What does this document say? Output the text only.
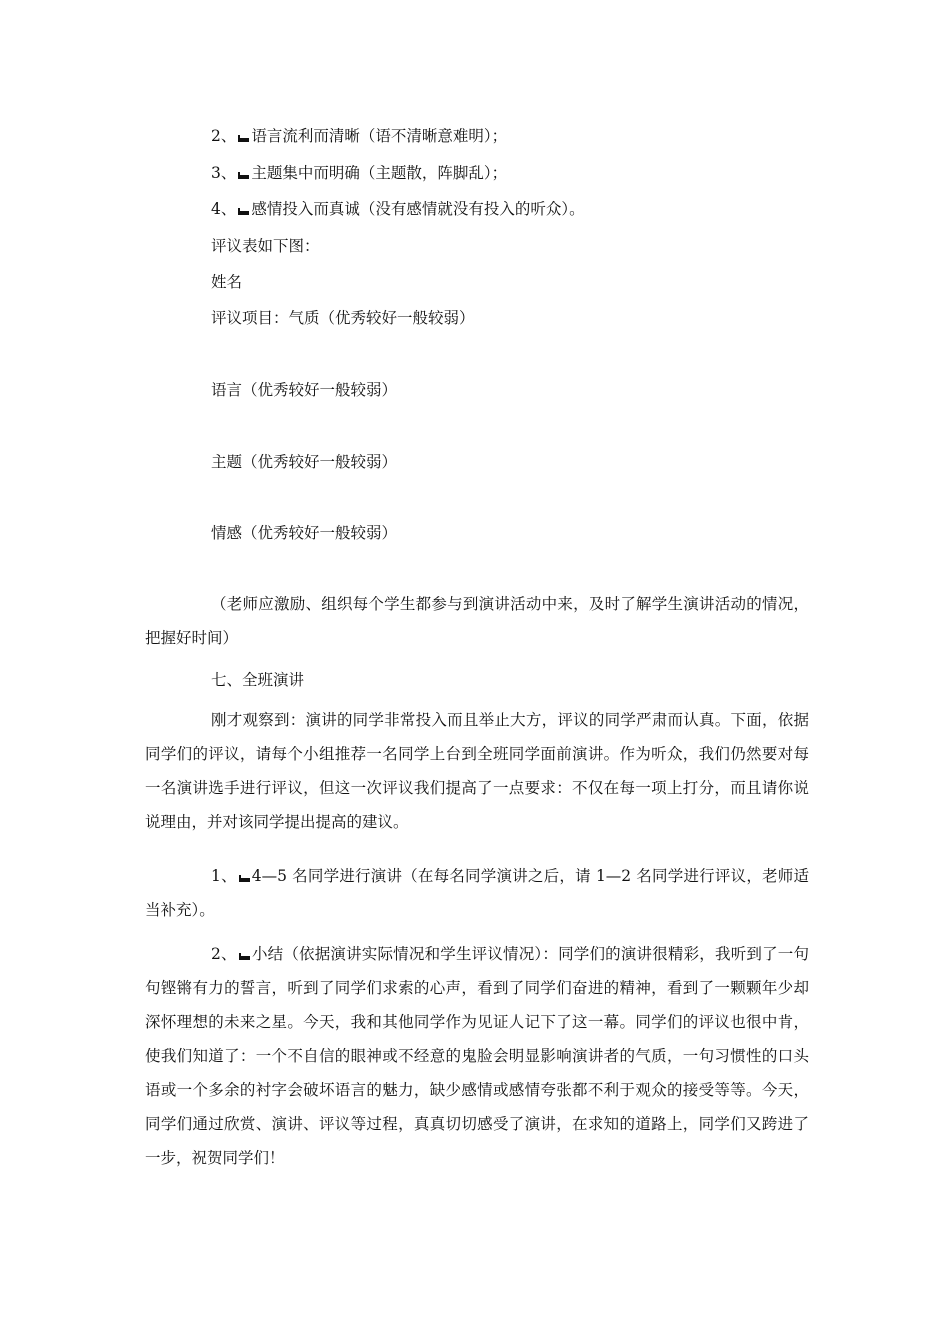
2、 语言流利而清晰（语不清晰意难明）；
3、 主题集中而明确（主题散，阵脚乱）；
4、 感情投入而真诚（没有感情就没有投入的听众）。
评议表如下图：
姓名
评议项目：气质（优秀较好一般较弱）
语言（优秀较好一般较弱）
主题（优秀较好一般较弱）
情感（优秀较好一般较弱）
（老师应激励、组织每个学生都参与到演讲活动中来，及时了解学生演讲活动的情况，把握好时间）
七、全班演讲
刚才观察到：演讲的同学非常投入而且举止大方，评议的同学严肃而认真。下面，依据同学们的评议，请每个小组推荐一名同学上台到全班同学面前演讲。作为听众，我们仍然要对每一名演讲选手进行评议，但这一次评议我们提高了一点要求：不仅在每一项上打分，而且请你说说理由，并对该同学提出提高的建议。
1、 4—5 名同学进行演讲（在每名同学演讲之后，请 1—2 名同学进行评议，老师适当补充）。
2、 小结（依据演讲实际情况和学生评议情况）：同学们的演讲很精彩，我听到了一句句铿锵有力的誓言，听到了同学们求索的心声，看到了同学们奋进的精神，看到了一颗颗年少却深怀理想的未来之星。今天，我和其他同学作为见证人记下了这一幕。同学们的评议也很中肯，使我们知道了：一个不自信的眼神或不经意的鬼脸会明显影响演讲者的气质，一句习惯性的口头语或一个多余的衬字会破坏语言的魅力，缺少感情或感情夸张都不利于观众的接受等等。今天，同学们通过欣赏、演讲、评议等过程，真真切切感受了演讲，在求知的道路上，同学们又跨进了一步，祝贺同学们！
